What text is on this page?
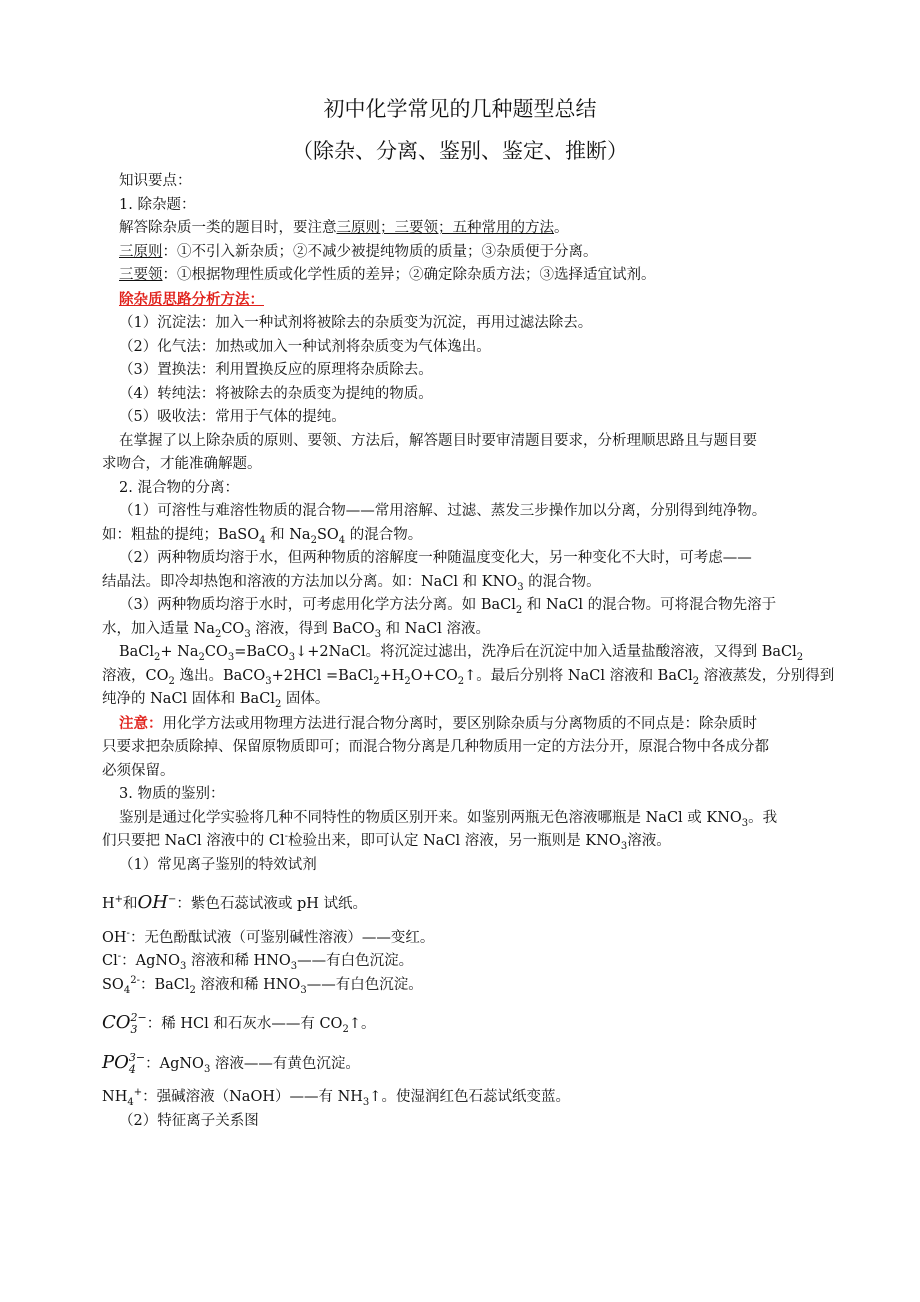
初中化学常见的几种题型总结
（除杂、分离、鉴别、鉴定、推断）

知识要点：

1. 除杂题：

解答除杂质一类的题目时，要注意三原则；三要领；五种常用的方法。

三原则：①不引入新杂质；②不减少被提纯物质的质量；③杂质便于分离。

三要领：①根据物理性质或化学性质的差异；②确定除杂质方法；③选择适宜试剂。

除杂质思路分析方法：

（1）沉淀法：加入一种试剂将被除去的杂质变为沉淀，再用过滤法除去。

（2）化气法：加热或加入一种试剂将杂质变为气体逸出。

（3）置换法：利用置换反应的原理将杂质除去。

（4）转纯法：将被除去的杂质变为提纯的物质。

（5）吸收法：常用于气体的提纯。

在掌握了以上除杂质的原则、要领、方法后，解答题目时要审清题目要求，分析理顺思路且与题目要

求吻合，才能准确解题。

2. 混合物的分离：

（1）可溶性与难溶性物质的混合物——常用溶解、过滤、蒸发三步操作加以分离，分别得到纯净物。

如：粗盐的提纯；BaSO$_4$ 和 $Na_2SO_4$ 的混合物。

（2）两种物质均溶于水，但两种物质的溶解度一种随温度变化大，另一种变化不大时，可考虑——

结晶法。即冷却热饱和溶液的方法加以分离。如：NaCl 和 $KNO_3$ 的混合物。

（3）两种物质均溶于水时，可考虑用化学方法分离。如 BaCl$_2$ 和 NaCl 的混合物。可将混合物先溶于

水，加入适量 $Na_2CO_3$ 溶液，得到 BaCO$_3$ 和 NaCl 溶液。

BaCl$_2$+ $Na_2CO_3=BaCO_3↓+2NaCl$。将沉淀过滤出，洗净后在沉淀中加入适量盐酸溶液，又得到 BaCl$_2$

溶液，$CO_2$ 逸出。BaCO$_3$+2HCl $=BaCl_2+H_2O+CO_2↑$。最后分别将 NaCl 溶液和 BaCl$_2$ 溶液蒸发，分别得到

纯净的 NaCl 固体和 BaCl$_2$ 固体。

注意：用化学方法或用物理方法进行混合物分离时，要区别除杂质与分离物质的不同点是：除杂质时

只要求把杂质除掉、保留原物质即可；而混合物分离是几种物质用一定的方法分开，原混合物中各成分都

必须保留。

3. 物质的鉴别：

鉴别是通过化学实验将几种不同特性的物质区别开来。如鉴别两瓶无色溶液哪瓶是 NaCl 或 $KNO_3$。我

们只要把 NaCl 溶液中的 Cl-检验出来，即可认定 NaCl 溶液，另一瓶则是 $KNO_3$溶液。

（1）常见离子鉴别的特效试剂

H+和OH−：紫色石蕊试液或 pH 试纸。

OH-：无色酚酞试液（可鉴别碱性溶液）——变红。

Cl-：AgNO$_3$ 溶液和稀 $HNO_3——$有白色沉淀。

$SO_4^{2-}$：BaCl$_2$ 溶液和稀 $HNO_3——$有白色沉淀。

CO2−
3 ：稀 HCl 和石灰水——有 $CO_2↑$。

PO3−
4 ：AgNO$_3$ 溶液——有黄色沉淀。

$NH_4^+$：强碱溶液（NaOH）——有 $NH_3↑$。使湿润红色石蕊试纸变蓝。

（2）特征离子关系图
